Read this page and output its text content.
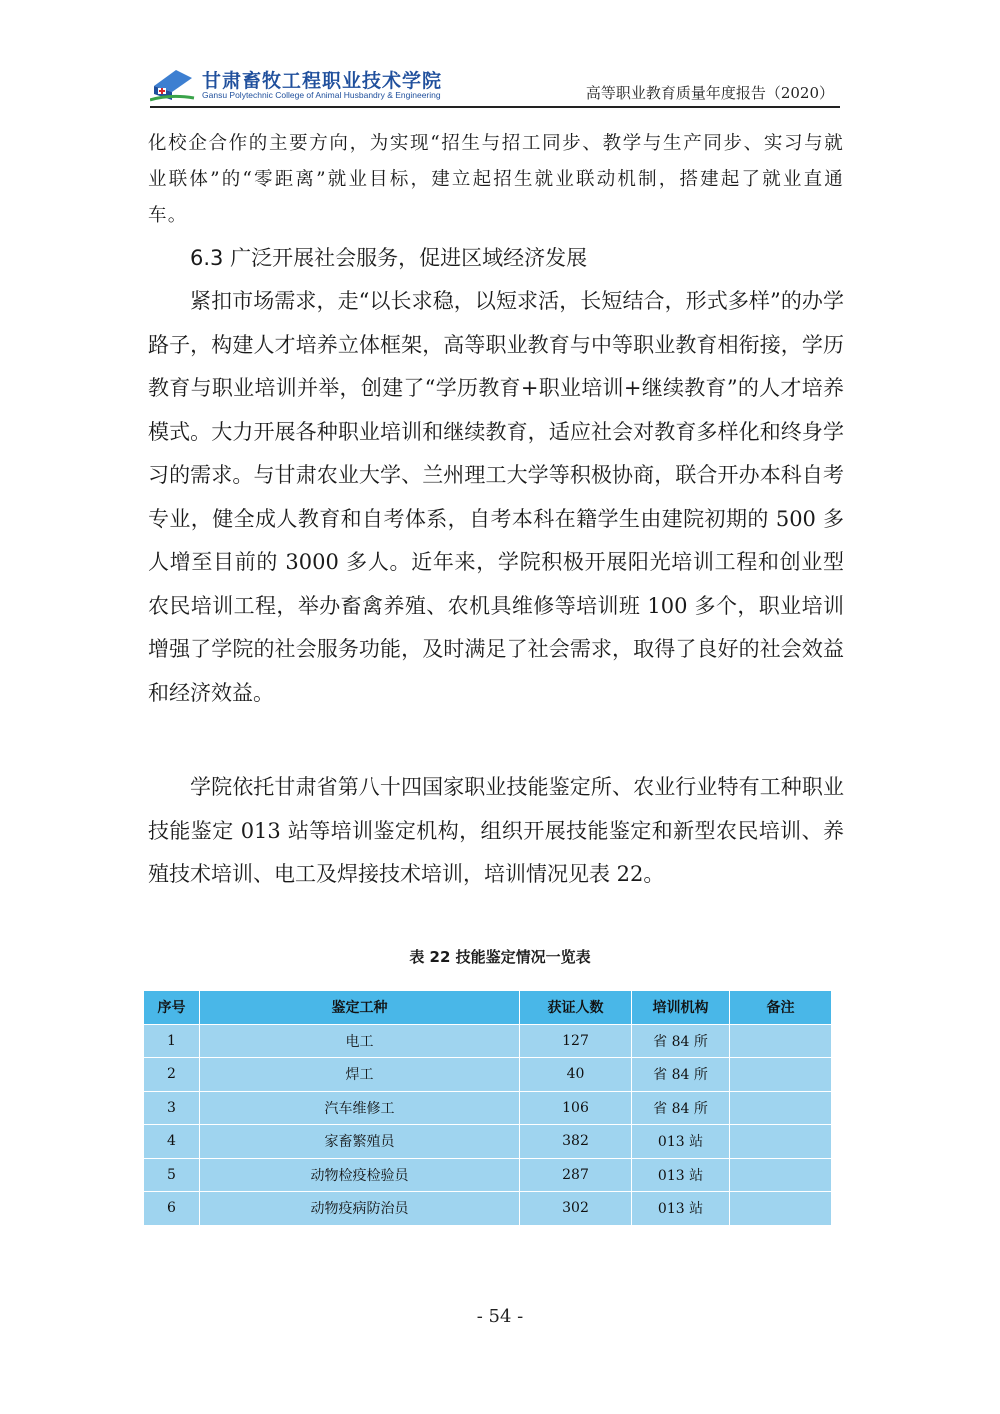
甘肃畜牧工程职业技术学院
Gansu Polytechnic College of Animal Husbandry & Engineering	高等职业教育质量年度报告（2020）

化校企合作的主要方向，为实现“招生与招工同步、教学与生产同步、实习与就业联体”的“零距离”就业目标，建立起招生就业联动机制，搭建起了就业直通车。

6.3 广泛开展社会服务，促进区域经济发展

紧扣市场需求，走“以长求稳，以短求活，长短结合，形式多样”的办学路子，构建人才培养立体框架，高等职业教育与中等职业教育相衔接，学历教育与职业培训并举，创建了“学历教育+职业培训+继续教育”的人才培养模式。大力开展各种职业培训和继续教育，适应社会对教育多样化和终身学习的需求。与甘肃农业大学、兰州理工大学等积极协商，联合开办本科自考专业，健全成人教育和自考体系，自考本科在籍学生由建院初期的 500 多人增至目前的 3000 多人。近年来，学院积极开展阳光培训工程和创业型农民培训工程，举办畜禽养殖、农机具维修等培训班 100 多个，职业培训增强了学院的社会服务功能，及时满足了社会需求，取得了良好的社会效益和经济效益。

学院依托甘肃省第八十四国家职业技能鉴定所、农业行业特有工种职业技能鉴定 013 站等培训鉴定机构，组织开展技能鉴定和新型农民培训、养殖技术培训、电工及焊接技术培训，培训情况见表 22。

表 22 技能鉴定情况一览表
序号	鉴定工种	获证人数	培训机构	备注
1	电工	127	省 84 所	
2	焊工	40	省 84 所	
3	汽车维修工	106	省 84 所	
4	家畜繁殖员	382	013 站	
5	动物检疫检验员	287	013 站	
6	动物疫病防治员	302	013 站	
- 54 -
